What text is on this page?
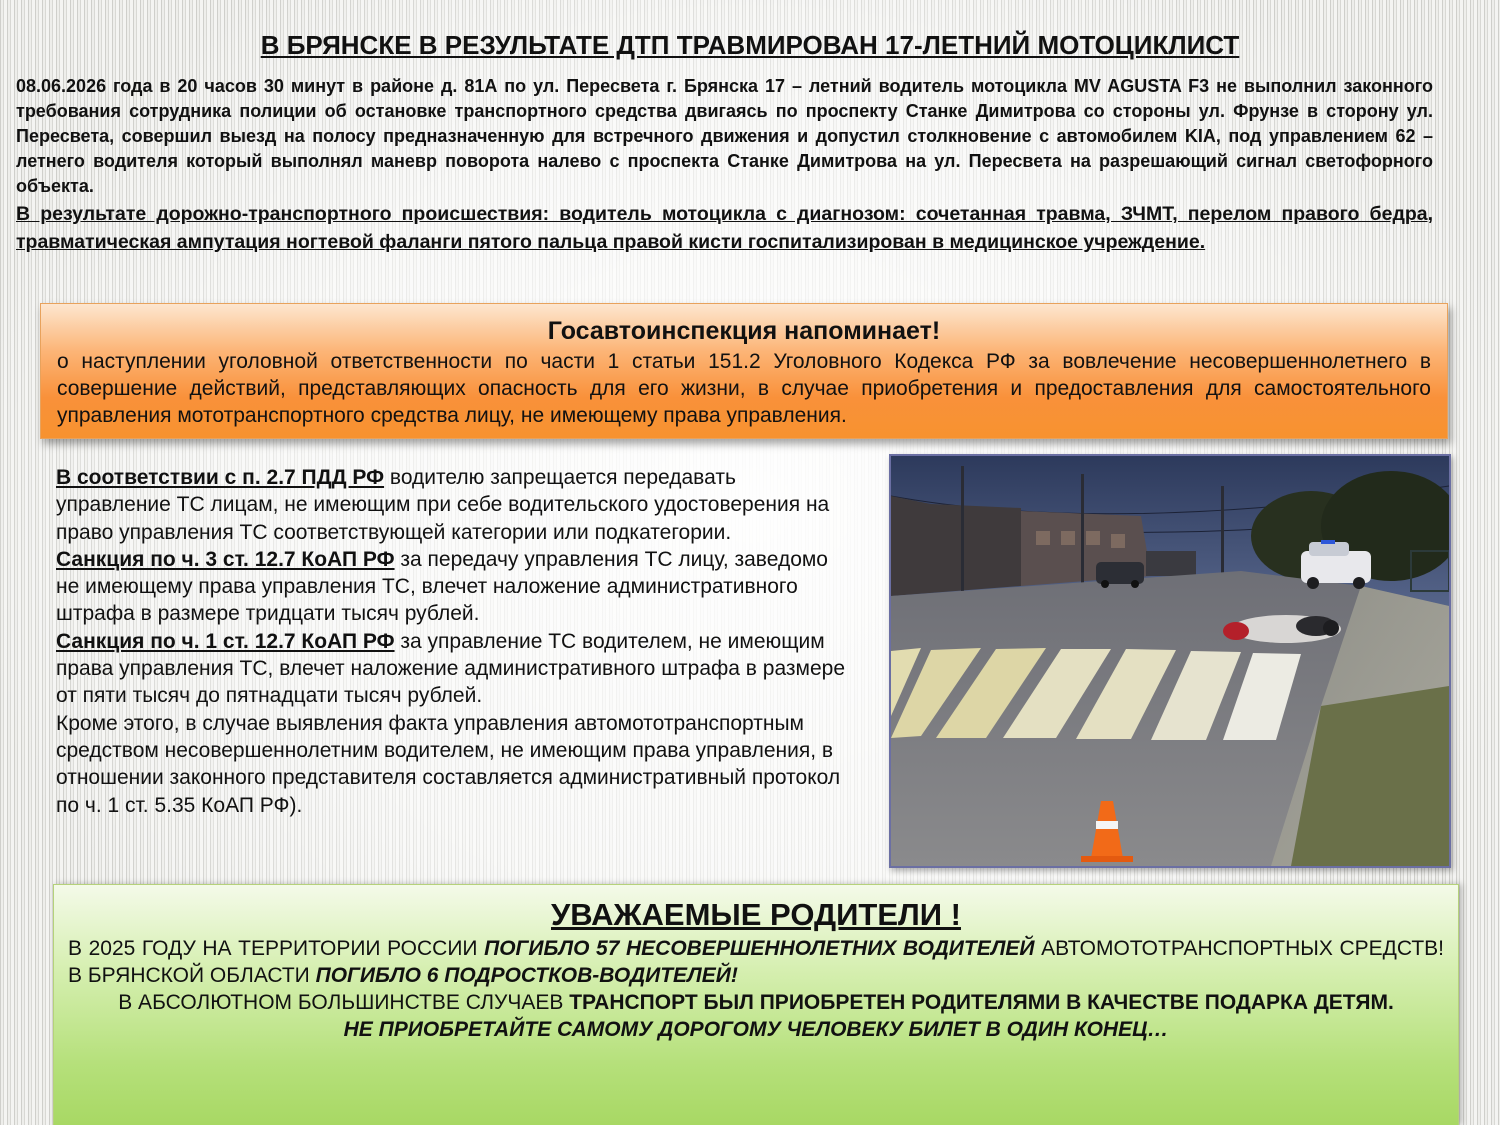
В БРЯНСКЕ В РЕЗУЛЬТАТЕ ДТП ТРАВМИРОВАН 17-ЛЕТНИЙ МОТОЦИКЛИСТ

08.06.2026 года в 20 часов 30 минут в районе д. 81А по ул. Пересвета г. Брянска 17 – летний водитель мотоцикла MV AGUSTA F3 не выполнил законного требования сотрудника полиции об остановке транспортного средства двигаясь по проспекту Станке Димитрова со стороны ул. Фрунзе в сторону ул. Пересвета, совершил выезд на полосу предназначенную для встречного движения и допустил столкновение с автомобилем KIA, под управлением 62 – летнего водителя который выполнял маневр поворота налево с проспекта Станке Димитрова на ул. Пересвета на разрешающий сигнал светофорного объекта.

В результате дорожно-транспортного происшествия: водитель мотоцикла с диагнозом: сочетанная травма, ЗЧМТ, перелом правого бедра, травматическая ампутация ногтевой фаланги пятого пальца правой кисти госпитализирован в медицинское учреждение.

Госавтоинспекция напоминает!

о наступлении уголовной ответственности по части 1 статьи 151.2 Уголовного Кодекса РФ за вовлечение несовершеннолетнего в совершение действий, представляющих опасность для его жизни, в случае приобретения и предоставления для самостоятельного управления мототранспортного средства лицу, не имеющему права управления.

В соответствии с п. 2.7 ПДД РФ водителю запрещается передавать управление ТС лицам, не имеющим при себе водительского удостоверения на право управления ТС соответствующей категории или подкатегории.

Санкция по ч. 3 ст. 12.7 КоАП РФ за передачу управления ТС лицу, заведомо не имеющему права управления ТС, влечет наложение административного штрафа в размере тридцати тысяч рублей.

Санкция по ч. 1 ст. 12.7 КоАП РФ за управление ТС водителем, не имеющим права управления ТС, влечет наложение административного штрафа в размере от пяти тысяч до пятнадцати тысяч рублей.

Кроме этого, в случае выявления факта управления автомототранспортным средством несовершеннолетним водителем, не имеющим права управления, в отношении законного представителя составляется административный протокол по ч. 1 ст. 5.35 КоАП РФ).

УВАЖАЕМЫЕ РОДИТЕЛИ !

В 2025 ГОДУ НА ТЕРРИТОРИИ РОССИИ ПОГИБЛО 57 НЕСОВЕРШЕННОЛЕТНИХ ВОДИТЕЛЕЙ АВТОМОТОТРАНСПОРТНЫХ СРЕДСТВ! В БРЯНСКОЙ ОБЛАСТИ ПОГИБЛО 6 ПОДРОСТКОВ-ВОДИТЕЛЕЙ!

В АБСОЛЮТНОМ БОЛЬШИНСТВЕ СЛУЧАЕВ ТРАНСПОРТ БЫЛ ПРИОБРЕТЕН РОДИТЕЛЯМИ В КАЧЕСТВЕ ПОДАРКА ДЕТЯМ.

НЕ ПРИОБРЕТАЙТЕ САМОМУ ДОРОГОМУ ЧЕЛОВЕКУ БИЛЕТ В ОДИН КОНЕЦ…
